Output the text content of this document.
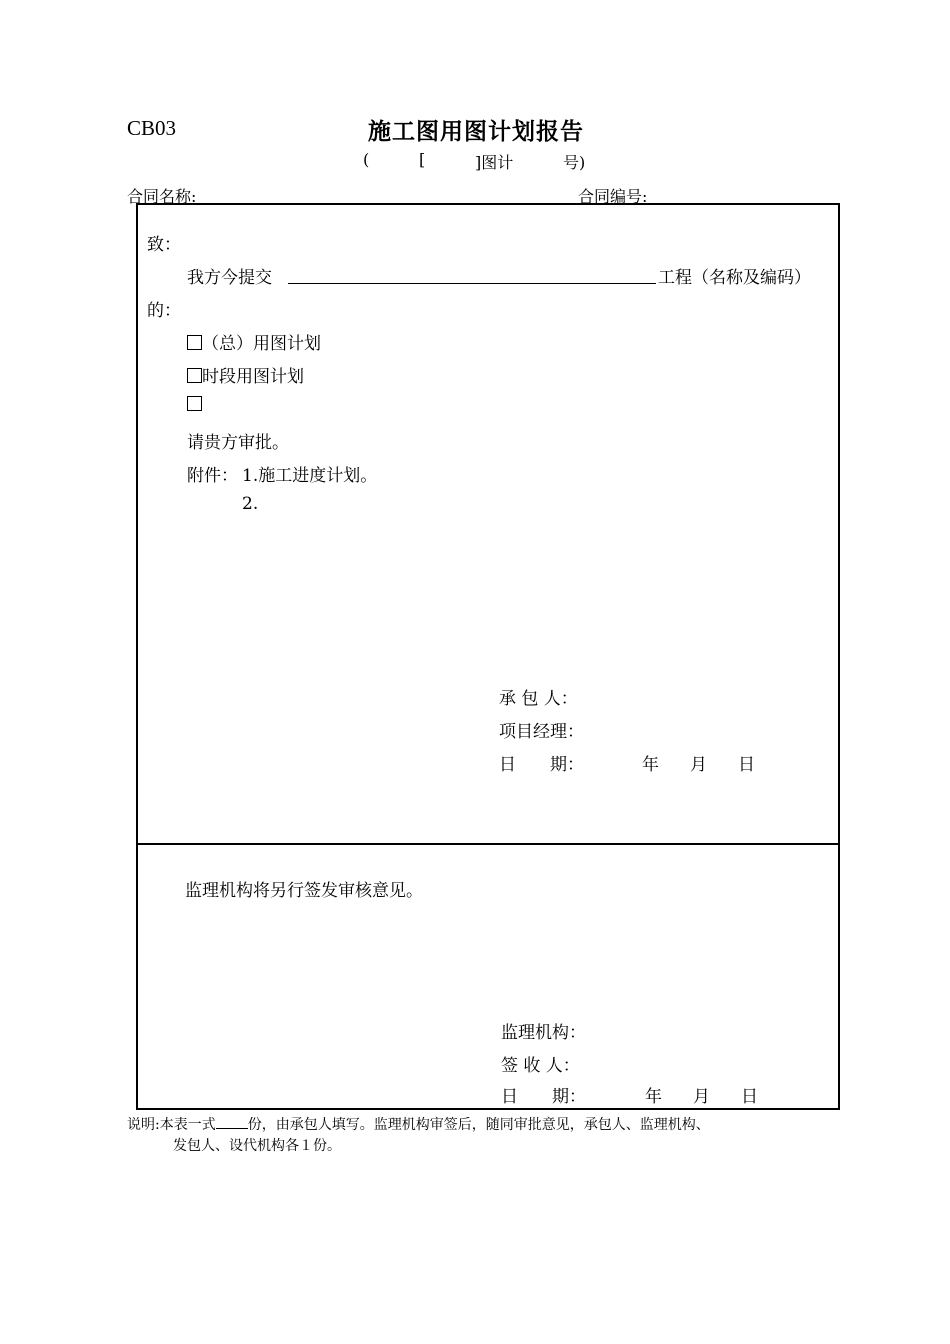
CB03	施工图用图计划报告
(	[	]图计	号)
合同名称:	合同编号:
致：
我方今提交	工程（名称及编码）
的：
（总）用图计划
时段用图计划
请贵方审批。
附件： 1.施工进度计划。
2.
承 包 人：
项目经理：
日　　期：	年 月 日
监理机构将另行签发审核意见。
监理机构：
签 收 人：
日　　期：	年 月 日
说明:本表一式 份，由承包人填写。监理机构审签后，随同审批意见，承包人、监理机构、
发包人、设代机构各１份。
